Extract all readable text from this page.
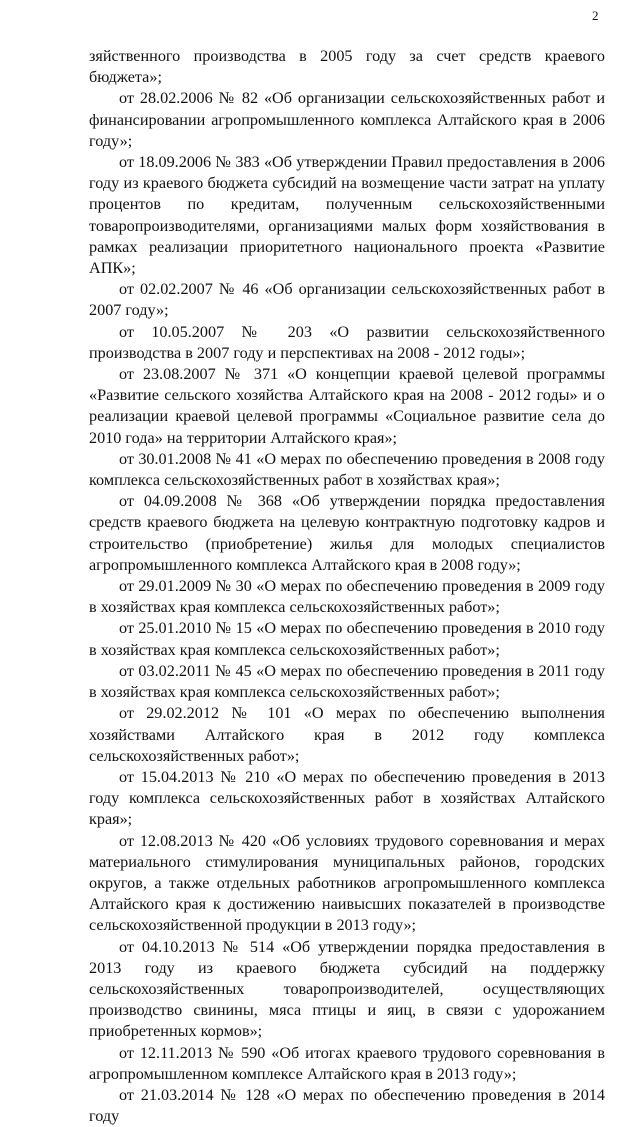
2

зяйственного производства в 2005 году за счет средств краевого бюджета»;

от 28.02.2006 № 82 «Об организации сельскохозяйственных работ и финансировании агропромышленного комплекса Алтайского края в 2006 году»;

от 18.09.2006 № 383 «Об утверждении Правил предоставления в 2006 году из краевого бюджета субсидий на возмещение части затрат на уплату процентов по кредитам, полученным сельскохозяйственными товаропроизводителями, организациями малых форм хозяйствования в рамках реализации приоритетного национального проекта «Развитие АПК»;

от 02.02.2007 № 46 «Об организации сельскохозяйственных работ в 2007 году»;

от 10.05.2007 № 203 «О развитии сельскохозяйственного производства в 2007 году и перспективах на 2008 - 2012 годы»;

от 23.08.2007 № 371 «О концепции краевой целевой программы «Развитие сельского хозяйства Алтайского края на 2008 - 2012 годы» и о реализации краевой целевой программы «Социальное развитие села до 2010 года» на территории Алтайского края»;

от 30.01.2008 № 41 «О мерах по обеспечению проведения в 2008 году комплекса сельскохозяйственных работ в хозяйствах края»;

от 04.09.2008 № 368 «Об утверждении порядка предоставления средств краевого бюджета на целевую контрактную подготовку кадров и строительство (приобретение) жилья для молодых специалистов агропромышленного комплекса Алтайского края в 2008 году»;

от 29.01.2009 № 30 «О мерах по обеспечению проведения в 2009 году в хозяйствах края комплекса сельскохозяйственных работ»;

от 25.01.2010 № 15 «О мерах по обеспечению проведения в 2010 году в хозяйствах края комплекса сельскохозяйственных работ»;

от 03.02.2011 № 45 «О мерах по обеспечению проведения в 2011 году в хозяйствах края комплекса сельскохозяйственных работ»;

от 29.02.2012 № 101 «О мерах по обеспечению выполнения хозяйствами Алтайского края в 2012 году комплекса сельскохозяйственных работ»;

от 15.04.2013 № 210 «О мерах по обеспечению проведения в 2013 году комплекса сельскохозяйственных работ в хозяйствах Алтайского края»;

от 12.08.2013 № 420 «Об условиях трудового соревнования и мерах материального стимулирования муниципальных районов, городских округов, а также отдельных работников агропромышленного комплекса Алтайского края к достижению наивысших показателей в производстве сельскохозяйственной продукции в 2013 году»;

от 04.10.2013 № 514 «Об утверждении порядка предоставления в 2013 году из краевого бюджета субсидий на поддержку сельскохозяйственных товаропроизводителей, осуществляющих производство свинины, мяса птицы и яиц, в связи с удорожанием приобретенных кормов»;

от 12.11.2013 № 590 «Об итогах краевого трудового соревнования в агропромышленном комплексе Алтайского края в 2013 году»;

от 21.03.2014 № 128 «О мерах по обеспечению проведения в 2014 году
